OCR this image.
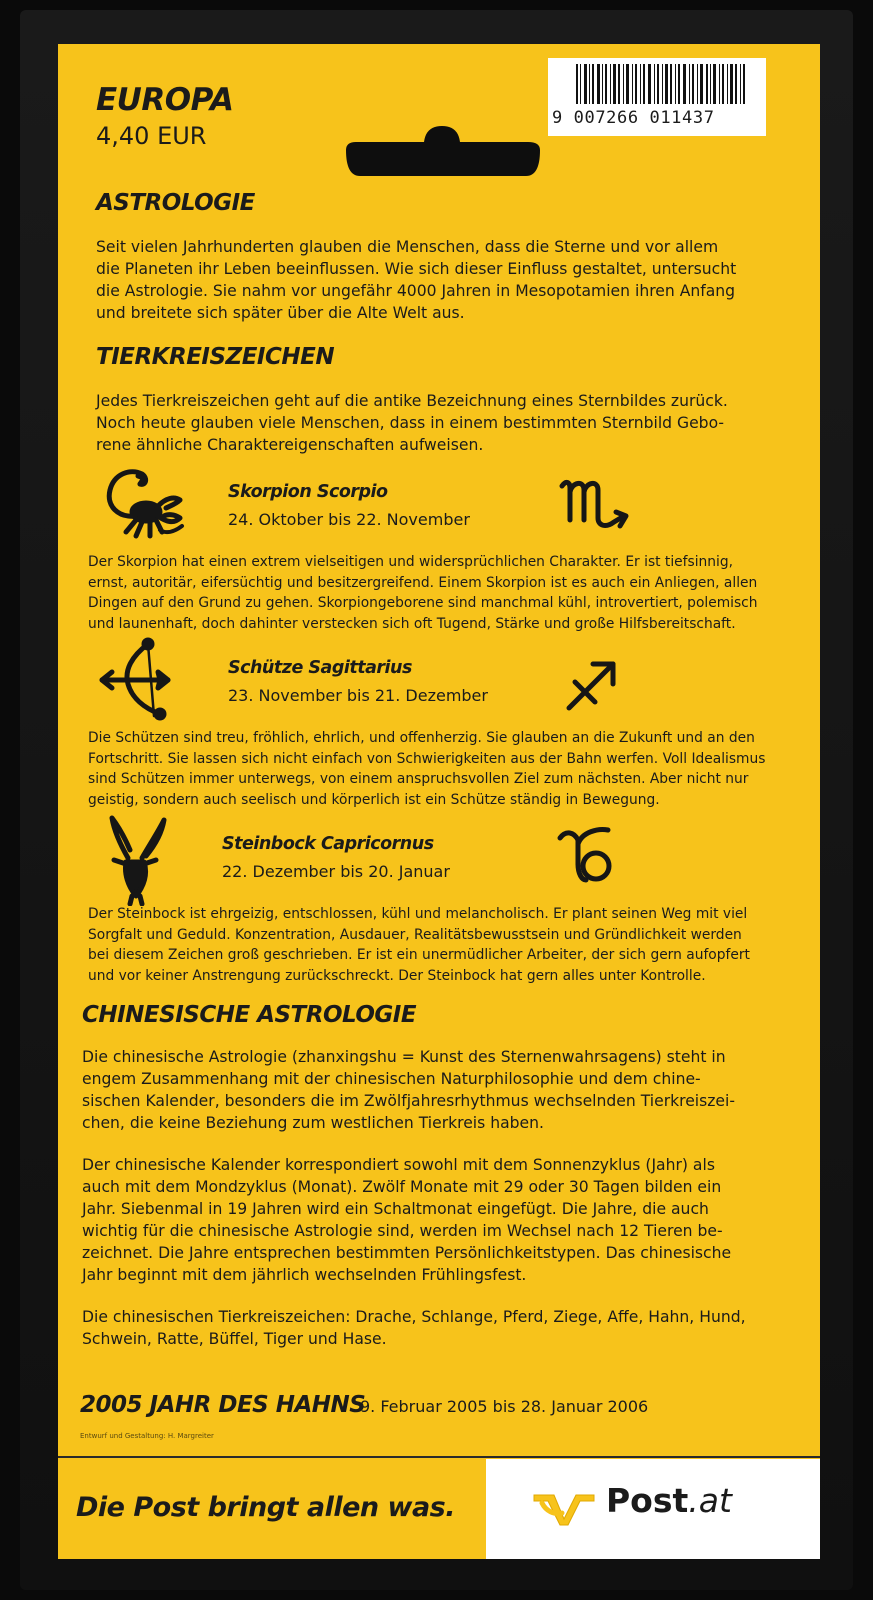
EUROPA
4,40 EUR
9 007266 011437
ASTROLOGIE
Seit vielen Jahrhunderten glauben die Menschen, dass die Sterne und vor allem
die Planeten ihr Leben beeinflussen. Wie sich dieser Einfluss gestaltet, untersucht
die Astrologie. Sie nahm vor ungefähr 4000 Jahren in Mesopotamien ihren Anfang
und breitete sich später über die Alte Welt aus.
TIERKREISZEICHEN
Jedes Tierkreiszeichen geht auf die antike Bezeichnung eines Sternbildes zurück.
Noch heute glauben viele Menschen, dass in einem bestimmten Sternbild Gebo-
rene ähnliche Charaktereigenschaften aufweisen.
Skorpion Scorpio
24. Oktober bis 22. November
Der Skorpion hat einen extrem vielseitigen und widersprüchlichen Charakter. Er ist tiefsinnig,
ernst, autoritär, eifersüchtig und besitzergreifend. Einem Skorpion ist es auch ein Anliegen, allen
Dingen auf den Grund zu gehen. Skorpiongeborene sind manchmal kühl, introvertiert, polemisch
und launenhaft, doch dahinter verstecken sich oft Tugend, Stärke und große Hilfsbereitschaft.
Schütze Sagittarius
23. November bis 21. Dezember
Die Schützen sind treu, fröhlich, ehrlich, und offenherzig. Sie glauben an die Zukunft und an den
Fortschritt. Sie lassen sich nicht einfach von Schwierigkeiten aus der Bahn werfen. Voll Idealismus
sind Schützen immer unterwegs, von einem anspruchsvollen Ziel zum nächsten. Aber nicht nur
geistig, sondern auch seelisch und körperlich ist ein Schütze ständig in Bewegung.
Steinbock Capricornus
22. Dezember bis 20. Januar
Der Steinbock ist ehrgeizig, entschlossen, kühl und melancholisch. Er plant seinen Weg mit viel
Sorgfalt und Geduld. Konzentration, Ausdauer, Realitätsbewusstsein und Gründlichkeit werden
bei diesem Zeichen groß geschrieben. Er ist ein unermüdlicher Arbeiter, der sich gern aufopfert
und vor keiner Anstrengung zurückschreckt. Der Steinbock hat gern alles unter Kontrolle.
CHINESISCHE ASTROLOGIE
Die chinesische Astrologie (zhanxingshu = Kunst des Sternenwahrsagens) steht in
engem Zusammenhang mit der chinesischen Naturphilosophie und dem chine-
sischen Kalender, besonders die im Zwölfjahresrhythmus wechselnden Tierkreiszei-
chen, die keine Beziehung zum westlichen Tierkreis haben.
Der chinesische Kalender korrespondiert sowohl mit dem Sonnenzyklus (Jahr) als
auch mit dem Mondzyklus (Monat). Zwölf Monate mit 29 oder 30 Tagen bilden ein
Jahr. Siebenmal in 19 Jahren wird ein Schaltmonat eingefügt. Die Jahre, die auch
wichtig für die chinesische Astrologie sind, werden im Wechsel nach 12 Tieren be-
zeichnet. Die Jahre entsprechen bestimmten Persönlichkeitstypen. Das chinesische
Jahr beginnt mit dem jährlich wechselnden Frühlingsfest.
Die chinesischen Tierkreiszeichen: Drache, Schlange, Pferd, Ziege, Affe, Hahn, Hund,
Schwein, Ratte, Büffel, Tiger und Hase.
2005 JAHR DES HAHNS
9. Februar 2005 bis 28. Januar 2006
Entwurf und Gestaltung: H. Margreiter
Die Post bringt allen was.	Post.at
